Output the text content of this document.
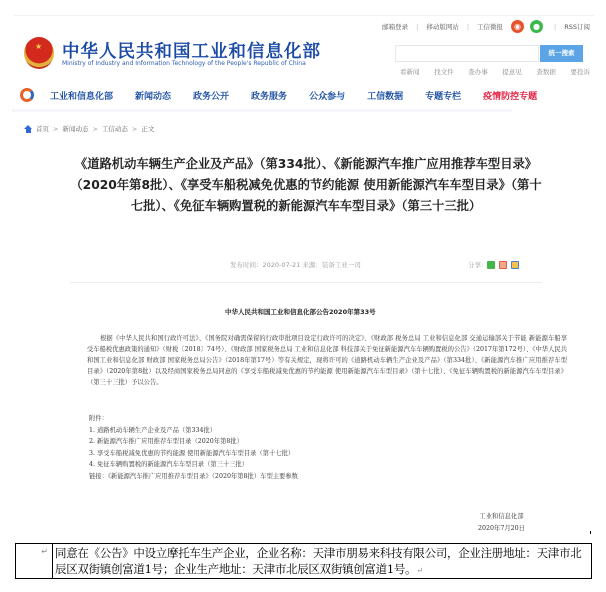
★ 中华人民共和国工业和信息化部
Ministry of Industry and Information Technology of the People's Republic of China
邮箱登录 | 移动版网站 | 工信微报	◉	●	| RSS订阅
统一搜索
看新闻 找文件 查办事 提意见 查数据 要投诉
工业和信息化部 新闻动态 政务公开 政务服务 公众参与 工信数据 专题专栏 疫情防控专题
首页 > 新闻动态 > 工信动态 > 正文
《道路机动车辆生产企业及产品》（第334批）、《新能源汽车推广应用推荐车型目录》（2020年第8批）、《享受车船税减免优惠的节约能源 使用新能源汽车车型目录》（第十七批）、《免征车辆购置税的新能源汽车车型目录》（第三十三批）
发布时间：2020-07-21 来源：装备工业一司	分享:
中华人民共和国工业和信息化部公告2020年第33号

根据《中华人民共和国行政许可法》、《国务院对确需保留的行政审批项目设定行政许可的决定》、《财政部 税务总局 工业和信息化部 交通运输部关于节能 新能源车船享受车船税优惠政策的通知》（财税〔2018〕74号）、《财政部 国家税务总局 工业和信息化部 科技部关于免征新能源汽车车辆购置税的公告》（2017年第172号）、《中华人民共和国工业和信息化部 财政部 国家税务总局公告》（2018年第17号）等有关规定，现将许可的《道路机动车辆生产企业及产品》（第334批）、《新能源汽车推广应用推荐车型目录》（2020年第8批）以及经商国家税务总局同意的《享受车船税减免优惠的节约能源 使用新能源汽车车型目录》（第十七批）、《免征车辆购置税的新能源汽车车型目录》（第三十三批）予以公告。

附件：
1. 道路机动车辆生产企业及产品（第334批）
2. 新能源汽车推广应用推荐车型目录（2020年第8批）
3. 享受车船税减免优惠的节约能源 使用新能源汽车车型目录（第十七批）
4. 免征车辆购置税的新能源汽车车型目录（第三十三批）
链接：《新能源汽车推广应用推荐车型目录》（2020年第8批）车型主要参数
工业和信息化部
2020年7月20日
↵ 同意在《公告》中设立摩托车生产企业，企业名称：天津市朋易来科技有限公司，企业注册地址：天津市北辰区双街镇创富道1号；企业生产地址：天津市北辰区双街镇创富道1号。↵
